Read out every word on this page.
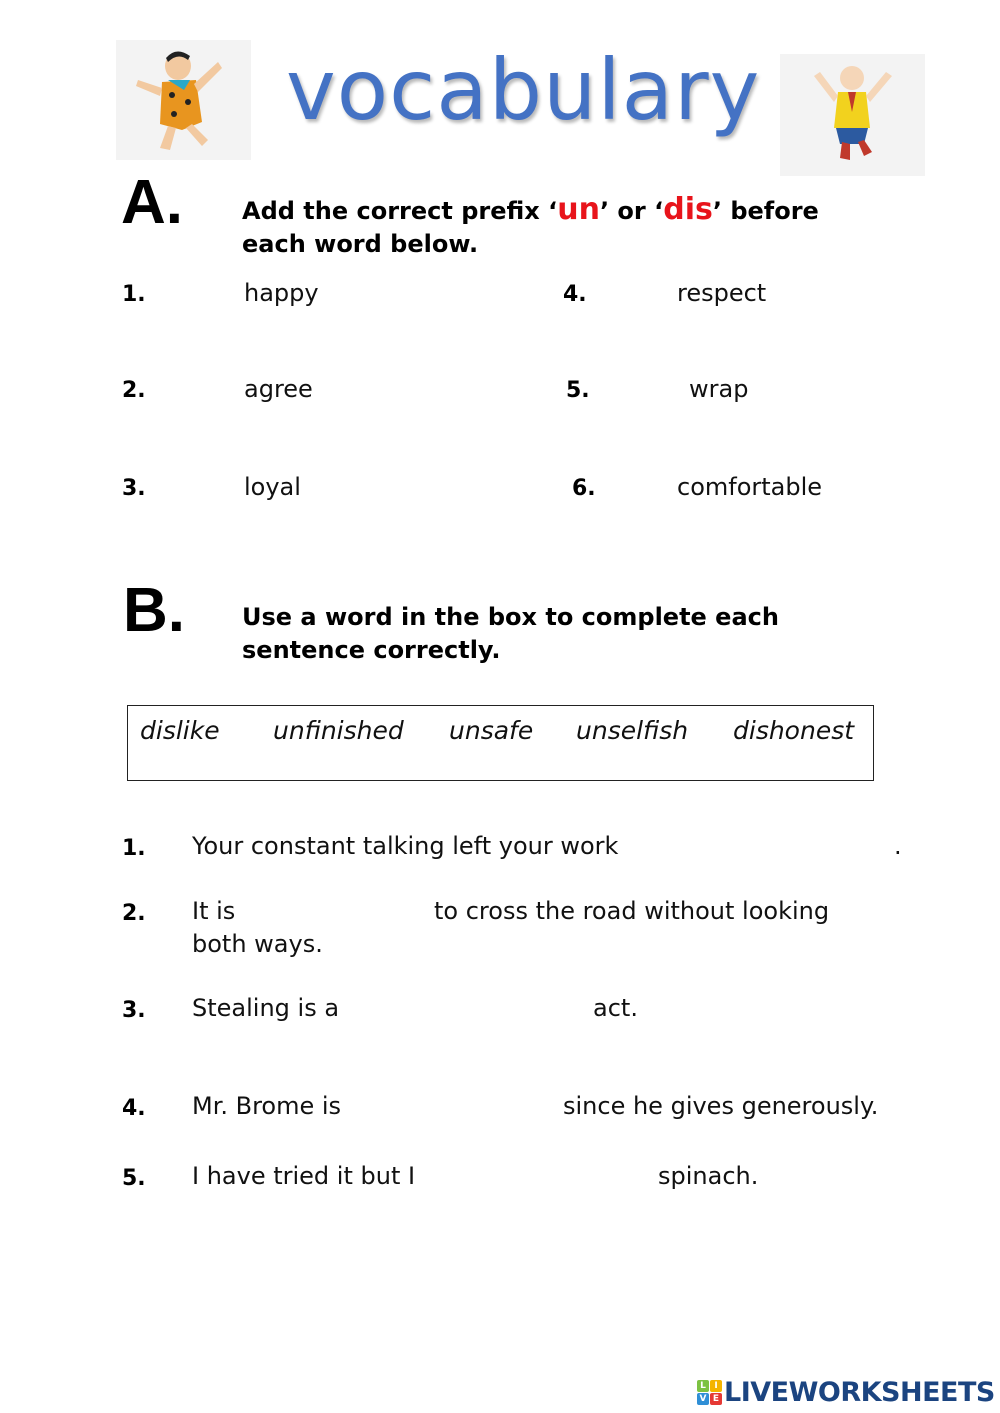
vocabulary
A. Add the correct prefix ‘un’ or ‘dis’ before
each word below.
1.	happy
2.	agree
3.	loyal
4.	respect
5.	wrap
6.	comfortable
B. Use a word in the box to complete each
sentence correctly.
dislike unfinished unsafe unselfish dishonest
1. Your constant talking left your work	.
2. It is	to cross the road without looking
both ways.
3. Stealing is a	act.
4. Mr. Brome is	since he gives generously.
5. I have tried it but I	spinach.
L I
V E LIVEWORKSHEETS
